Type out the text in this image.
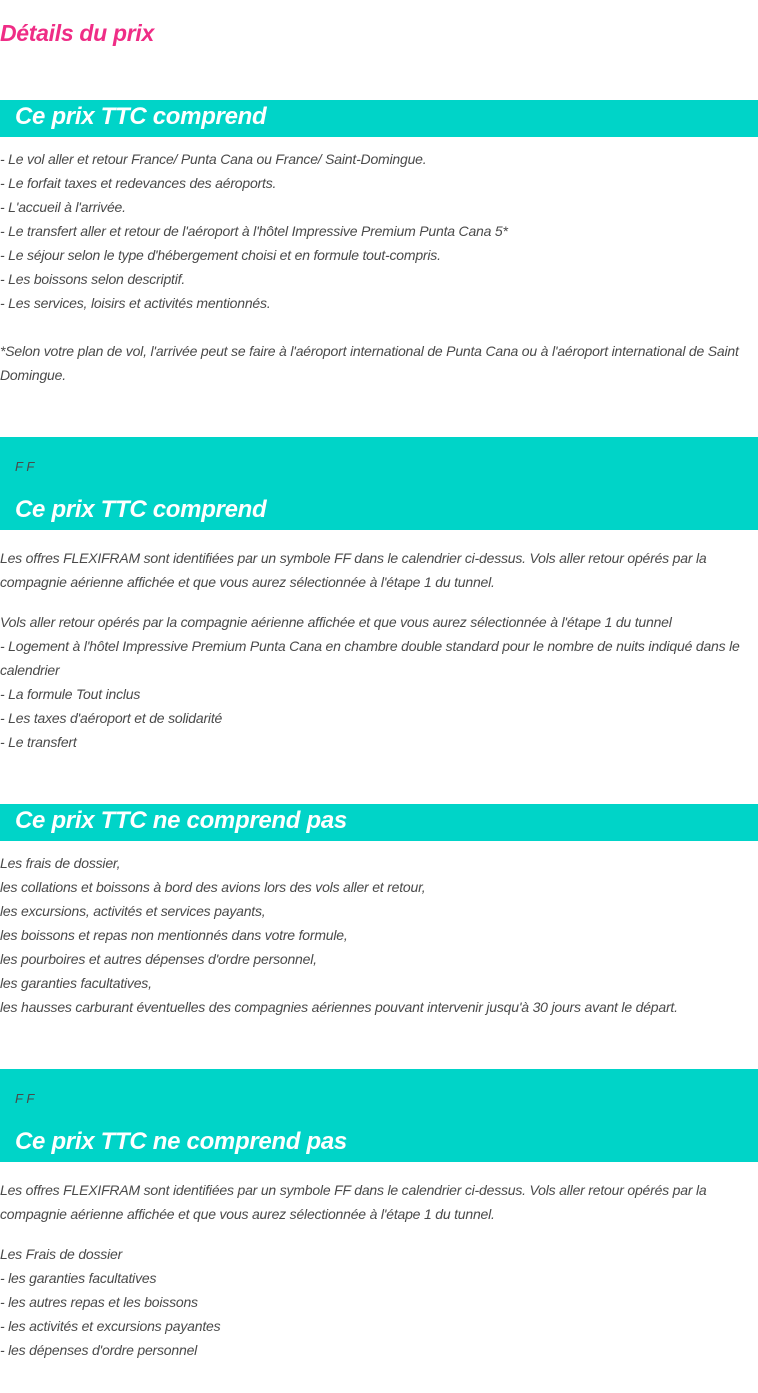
Détails du prix
Ce prix TTC comprend
- Le vol aller et retour France/ Punta Cana ou France/ Saint-Domingue.
- Le forfait taxes et redevances des aéroports.
- L'accueil à l'arrivée.
- Le transfert aller et retour de l'aéroport à l'hôtel Impressive Premium Punta Cana 5*
- Le séjour selon le type d'hébergement choisi et en formule tout-compris.
- Les boissons selon descriptif.
- Les services, loisirs et activités mentionnés.
*Selon votre plan de vol, l'arrivée peut se faire à l'aéroport international de Punta Cana ou à l'aéroport international de Saint Domingue.
F F
Ce prix TTC comprend
Les offres FLEXIFRAM sont identifiées par un symbole FF dans le calendrier ci-dessus. Vols aller retour opérés par la compagnie aérienne affichée et que vous aurez sélectionnée à l'étape 1 du tunnel.
Vols aller retour opérés par la compagnie aérienne affichée et que vous aurez sélectionnée à l'étape 1 du tunnel
- Logement à l'hôtel Impressive Premium Punta Cana en chambre double standard pour le nombre de nuits indiqué dans le calendrier
- La formule Tout inclus
- Les taxes d'aéroport et de solidarité
- Le transfert
Ce prix TTC ne comprend pas
Les frais de dossier,
les collations et boissons à bord des avions lors des vols aller et retour,
les excursions, activités et services payants,
les boissons et repas non mentionnés dans votre formule,
les pourboires et autres dépenses d'ordre personnel,
les garanties facultatives,
les hausses carburant éventuelles des compagnies aériennes pouvant intervenir jusqu'à 30 jours avant le départ.
F F
Ce prix TTC ne comprend pas
Les offres FLEXIFRAM sont identifiées par un symbole FF dans le calendrier ci-dessus. Vols aller retour opérés par la compagnie aérienne affichée et que vous aurez sélectionnée à l'étape 1 du tunnel.
Les Frais de dossier
- les garanties facultatives
- les autres repas et les boissons
- les activités et excursions payantes
- les dépenses d'ordre personnel
